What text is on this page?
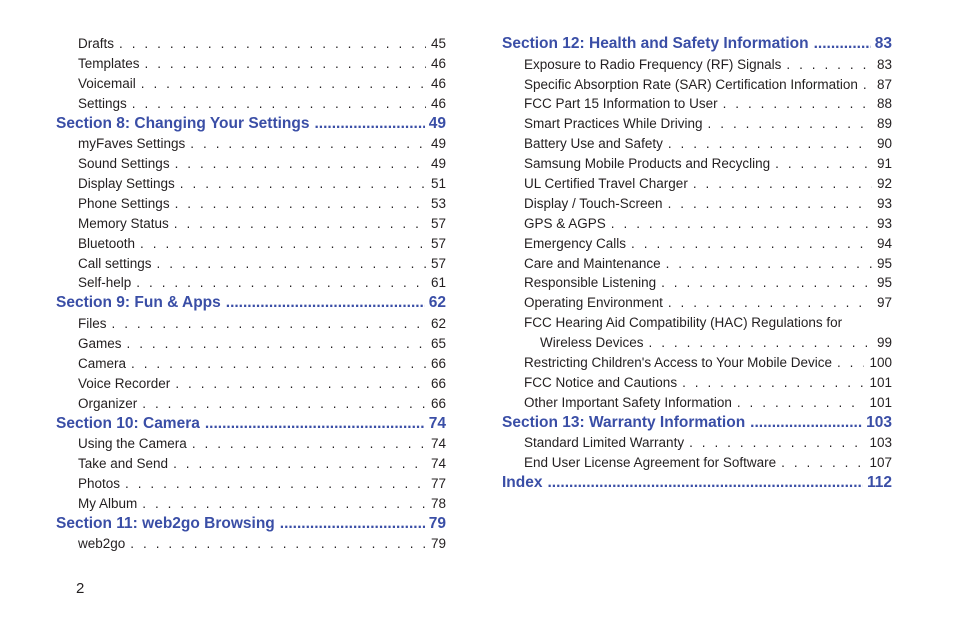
Drafts . . .	45
Templates . . .	46
Voicemail . . .	46
Settings . . .	46
Section 8: Changing Your Settings .....	49
myFaves Settings . . .	49
Sound Settings . . .	49
Display Settings . . .	51
Phone Settings . . .	53
Memory Status . . .	57
Bluetooth . . .	57
Call settings . . .	57
Self-help . . .	61
Section 9: Fun & Apps .....	62
Files . . .	62
Games . . .	65
Camera . . .	66
Voice Recorder . . .	66
Organizer . . .	66
Section 10: Camera .....	74
Using the Camera . . .	74
Take and Send . . .	74
Photos . . .	77
My Album . . .	78
Section 11: web2go Browsing .....	79
web2go . . .	79
Section 12: Health and Safety Information .....	83
Exposure to Radio Frequency (RF) Signals . . .	83
Specific Absorption Rate (SAR) Certification Information . . . 87
FCC Part 15 Information to User . . .	88
Smart Practices While Driving . . .	89
Battery Use and Safety . . .	90
Samsung Mobile Products and Recycling . . .	91
UL Certified Travel Charger . . .	92
Display / Touch-Screen . . .	93
GPS & AGPS . . .	93
Emergency Calls . . .	94
Care and Maintenance . . .	95
Responsible Listening . . .	95
Operating Environment . . .	97
FCC Hearing Aid Compatibility (HAC) Regulations for
Wireless Devices . . .	99
Restricting Children's Access to Your Mobile Device . . .	100
FCC Notice and Cautions . . .	101
Other Important Safety Information . . .	101
Section 13: Warranty Information .....	103
Standard Limited Warranty . . .	103
End User License Agreement for Software . . .	107
Index .....	112
2
